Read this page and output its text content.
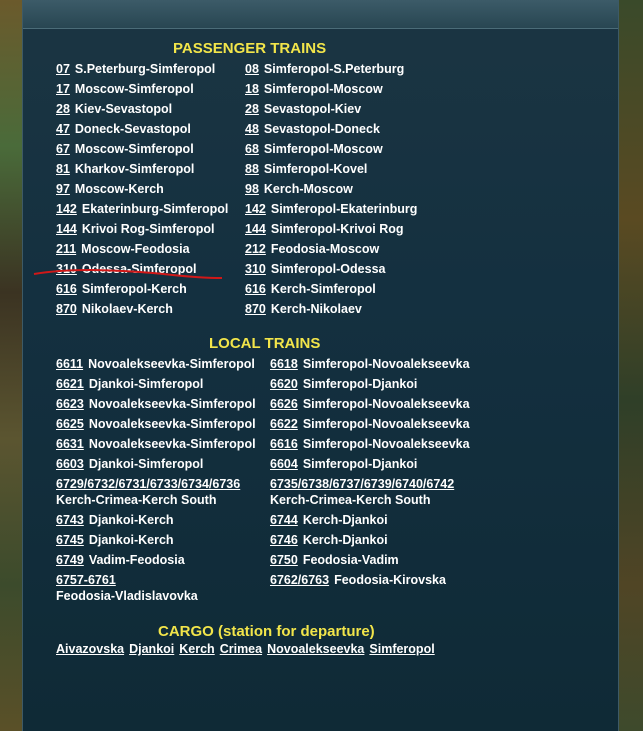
PASSENGER TRAINS
07 S.Peterburg-Simferopol 08 Simferopol-S.Peterburg
17 Moscow-Simferopol	18 Simferopol-Moscow
28 Kiev-Sevastopol	28 Sevastopol-Kiev
47 Doneck-Sevastopol	48 Sevastopol-Doneck
67 Moscow-Simferopol	68 Simferopol-Moscow
81 Kharkov-Simferopol	88 Simferopol-Kovel
97 Moscow-Kerch	98 Kerch-Moscow
142 Ekaterinburg-Simferopol 142 Simferopol-Ekaterinburg
144 Krivoi Rog-Simferopol 144 Simferopol-Krivoi Rog
211 Moscow-Feodosia	212 Feodosia-Moscow
310 Odessa-Simferopol	310 Simferopol-Odessa
616 Simferopol-Kerch	616 Kerch-Simferopol
870 Nikolaev-Kerch	870 Kerch-Nikolaev
LOCAL TRAINS
6611 Novoalekseevka-Simferopol 6618 Simferopol-Novoalekseevka
6621 Djankoi-Simferopol	6620 Simferopol-Djankoi
6623 Novoalekseevka-Simferopol 6626 Simferopol-Novoalekseevka
6625 Novoalekseevka-Simferopol 6622 Simferopol-Novoalekseevka
6631 Novoalekseevka-Simferopol 6616 Simferopol-Novoalekseevka
6603 Djankoi-Simferopol	6604 Simferopol-Djankoi
6729/6732/6731/6733/6734/6736
Kerch-Crimea-Kerch South
6735/6738/6737/6739/6740/6742
Kerch-Crimea-Kerch South
6743 Djankoi-Kerch	6744 Kerch-Djankoi
6745 Djankoi-Kerch	6746 Kerch-Djankoi
6749 Vadim-Feodosia	6750 Feodosia-Vadim
6757-6761
Feodosia-Vladislavovka
6762/6763 Feodosia-Kirovska
CARGO (station for departure)
Aivazovska Djankoi Kerch Crimea Novoalekseevka Simferopol
